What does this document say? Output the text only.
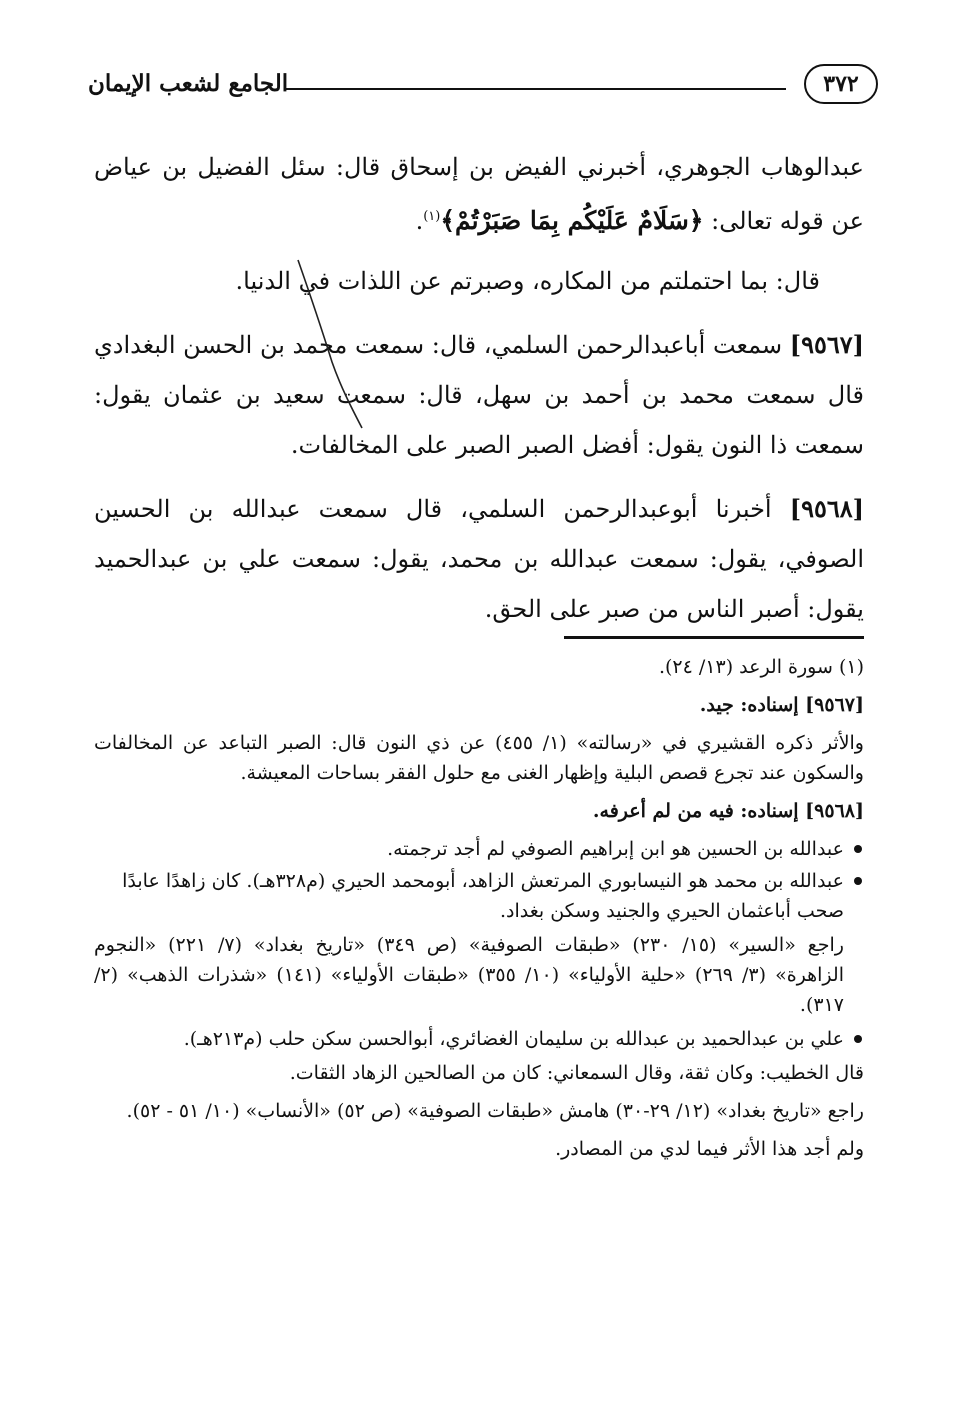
٣٧٢
الجامع لشعب الإيمان

عبدالوهاب الجوهري، أخبرني الفيض بن إسحاق قال: سئل الفضيل بن عياض عن قوله تعالى: ﴿سَلَامٌ عَلَيْكُم بِمَا صَبَرْتُمْ﴾$^{(١)}$.

قال: بما احتملتم من المكاره، وصبرتم عن اللذات في الدنيا.

[٩٥٦٧] سمعت أباعبدالرحمن السلمي، قال: سمعت محمد بن الحسن البغدادي قال سمعت محمد بن أحمد بن سهل، قال: سمعت سعيد بن عثمان يقول: سمعت ذا النون يقول: أفضل الصبر الصبر على المخالفات.

[٩٥٦٨] أخبرنا أبوعبدالرحمن السلمي، قال سمعت عبدالله بن الحسين الصوفي، يقول: سمعت عبدالله بن محمد، يقول: سمعت علي بن عبدالحميد يقول: أصبر الناس من صبر على الحق.

(١) سورة الرعد (١٣/ ٢٤).
[٩٥٦٧] إسناده: جيد.
والأثر ذكره القشيري في «رسالته» (١/ ٤٥٥) عن ذي النون قال: الصبر التباعد عن المخالفات والسكون عند تجرع قصص البلية وإظهار الغنى مع حلول الفقر بساحات المعيشة.
[٩٥٦٨] إسناده: فيه من لم أعرفه.
عبدالله بن الحسين هو ابن إبراهيم الصوفي لم أجد ترجمته.
عبدالله بن محمد هو النيسابوري المرتعش الزاهد، أبومحمد الحيري (م٣٢٨هـ). كان زاهدًا عابدًا صحب أباعثمان الحيري والجنيد وسكن بغداد.
راجع «السير» (١٥/ ٢٣٠) «طبقات الصوفية» (ص ٣٤٩) «تاريخ بغداد» (٧/ ٢٢١) «النجوم الزاهرة» (٣/ ٢٦٩) «حلية الأولياء» (١٠/ ٣٥٥) «طبقات الأولياء» (١٤١) «شذرات الذهب» (٢/ ٣١٧).
علي بن عبدالحميد بن عبدالله بن سليمان الغضائري، أبوالحسن سكن حلب (م٢١٣هـ).
قال الخطيب: وكان ثقة، وقال السمعاني: كان من الصالحين الزهاد الثقات.
راجع «تاريخ بغداد» (١٢/ ٢٩-٣٠) هامش «طبقات الصوفية» (ص ٥٢) «الأنساب» (١٠/ ٥١ - ٥٢).
ولم أجد هذا الأثر فيما لدي من المصادر.
